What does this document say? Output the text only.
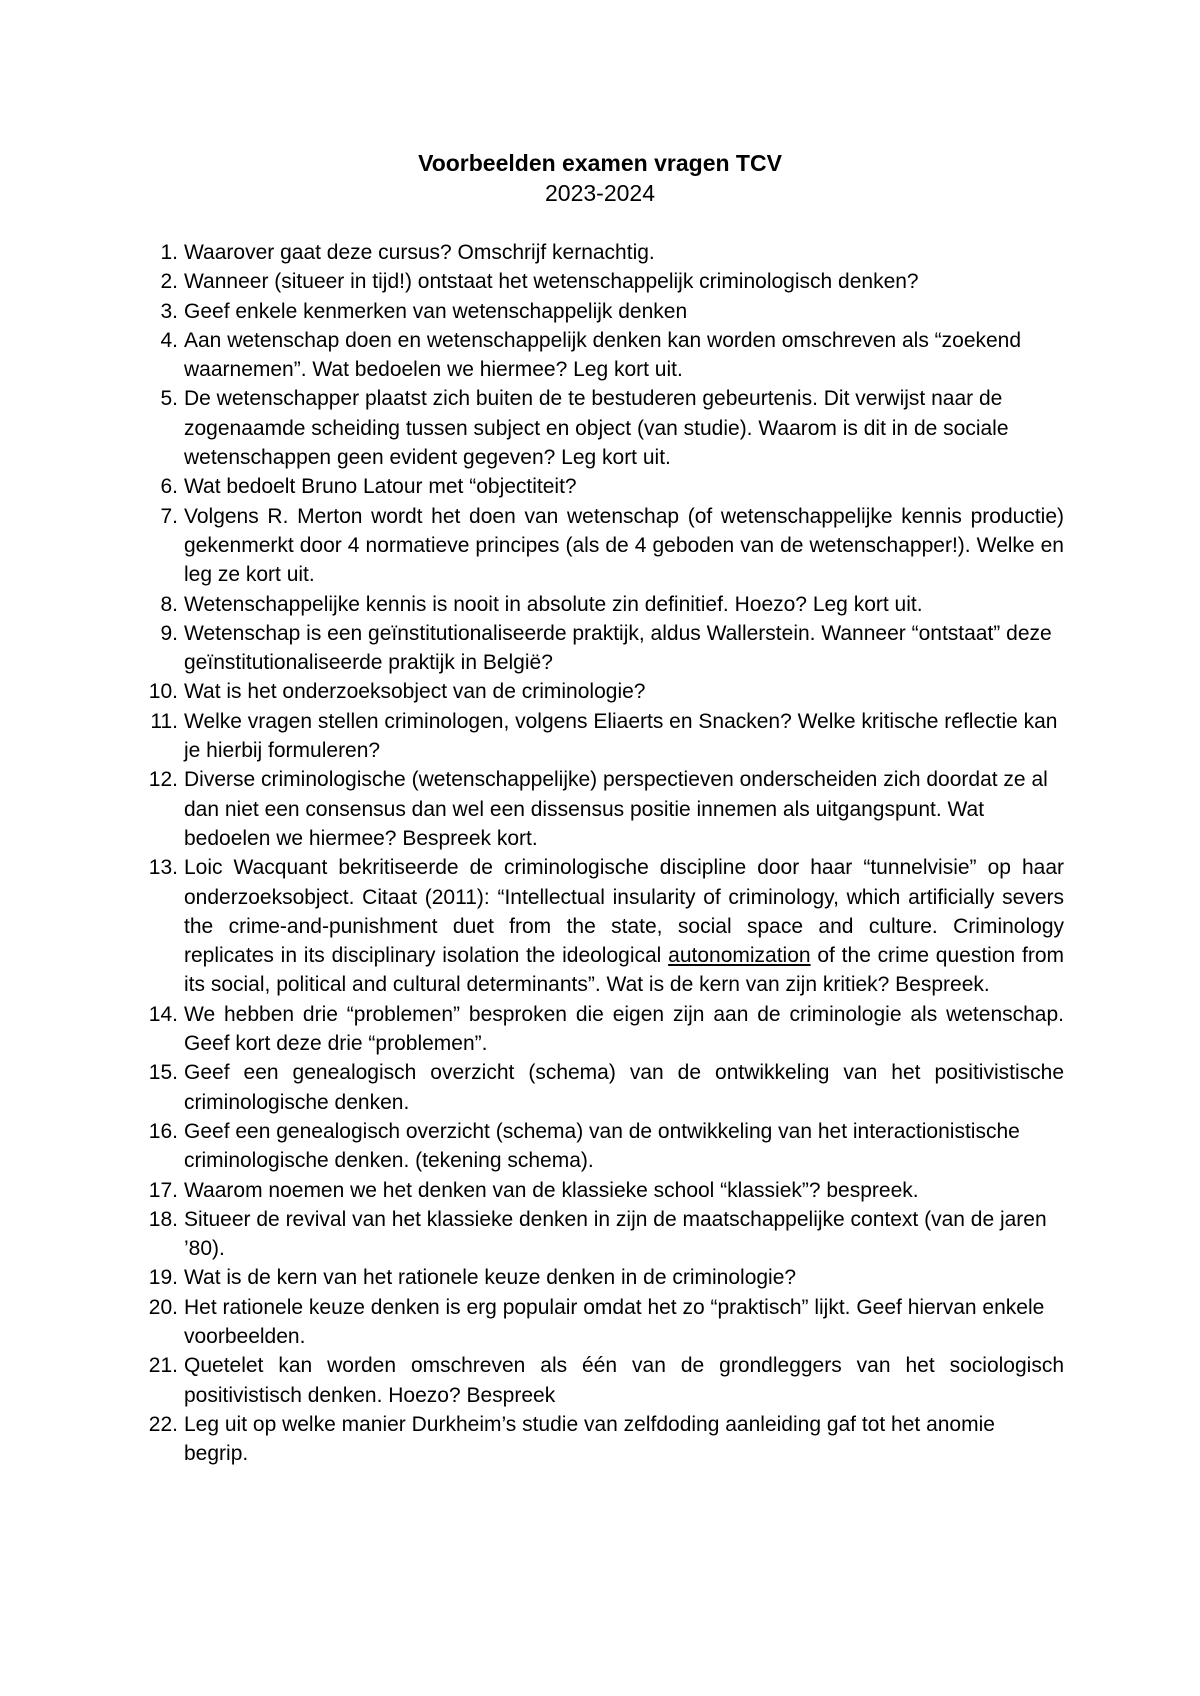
Voorbeelden examen vragen TCV

2023-2024

1. Waarover gaat deze cursus? Omschrijf kernachtig.
2. Wanneer (situeer in tijd!) ontstaat het wetenschappelijk criminologisch denken?
3. Geef enkele kenmerken van wetenschappelijk denken
4. Aan wetenschap doen en wetenschappelijk denken kan worden omschreven als “zoekend waarnemen”. Wat bedoelen we hiermee? Leg kort uit.
5. De wetenschapper plaatst zich buiten de te bestuderen gebeurtenis. Dit verwijst naar de zogenaamde scheiding tussen subject en object (van studie). Waarom is dit in de sociale wetenschappen geen evident gegeven? Leg kort uit.
6. Wat bedoelt Bruno Latour met “objectiteit?
7. Volgens R. Merton wordt het doen van wetenschap (of wetenschappelijke kennis productie) gekenmerkt door 4 normatieve principes (als de 4 geboden van de wetenschapper!). Welke en leg ze kort uit.
8. Wetenschappelijke kennis is nooit in absolute zin definitief. Hoezo? Leg kort uit.
9. Wetenschap is een geïnstitutionaliseerde praktijk, aldus Wallerstein. Wanneer “ontstaat” deze geïnstitutionaliseerde praktijk in België?
10. Wat is het onderzoeksobject van de criminologie?
11. Welke vragen stellen criminologen, volgens Eliaerts en Snacken? Welke kritische reflectie kan je hierbij formuleren?
12. Diverse criminologische (wetenschappelijke) perspectieven onderscheiden zich doordat ze al dan niet een consensus dan wel een dissensus positie innemen als uitgangspunt. Wat bedoelen we hiermee? Bespreek kort.
13. Loic Wacquant bekritiseerde de criminologische discipline door haar “tunnelvisie” op haar onderzoeksobject. Citaat (2011): “Intellectual insularity of criminology, which artificially severs the crime-and-punishment duet from the state, social space and culture. Criminology replicates in its disciplinary isolation the ideological autonomization of the crime question from its social, political and cultural determinants”. Wat is de kern van zijn kritiek? Bespreek.
14. We hebben drie “problemen” besproken die eigen zijn aan de criminologie als wetenschap. Geef kort deze drie “problemen”.
15. Geef een genealogisch overzicht (schema) van de ontwikkeling van het positivistische criminologische denken.
16. Geef een genealogisch overzicht (schema) van de ontwikkeling van het interactionistische criminologische denken. (tekening schema).
17. Waarom noemen we het denken van de klassieke school “klassiek”? bespreek.
18. Situeer de revival van het klassieke denken in zijn de maatschappelijke context (van de jaren ’80).
19. Wat is de kern van het rationele keuze denken in de criminologie?
20. Het rationele keuze denken is erg populair omdat het zo “praktisch” lijkt. Geef hiervan enkele voorbeelden.
21. Quetelet kan worden omschreven als één van de grondleggers van het sociologisch positivistisch denken. Hoezo? Bespreek
22. Leg uit op welke manier Durkheim’s studie van zelfdoding aanleiding gaf tot het anomie begrip.
